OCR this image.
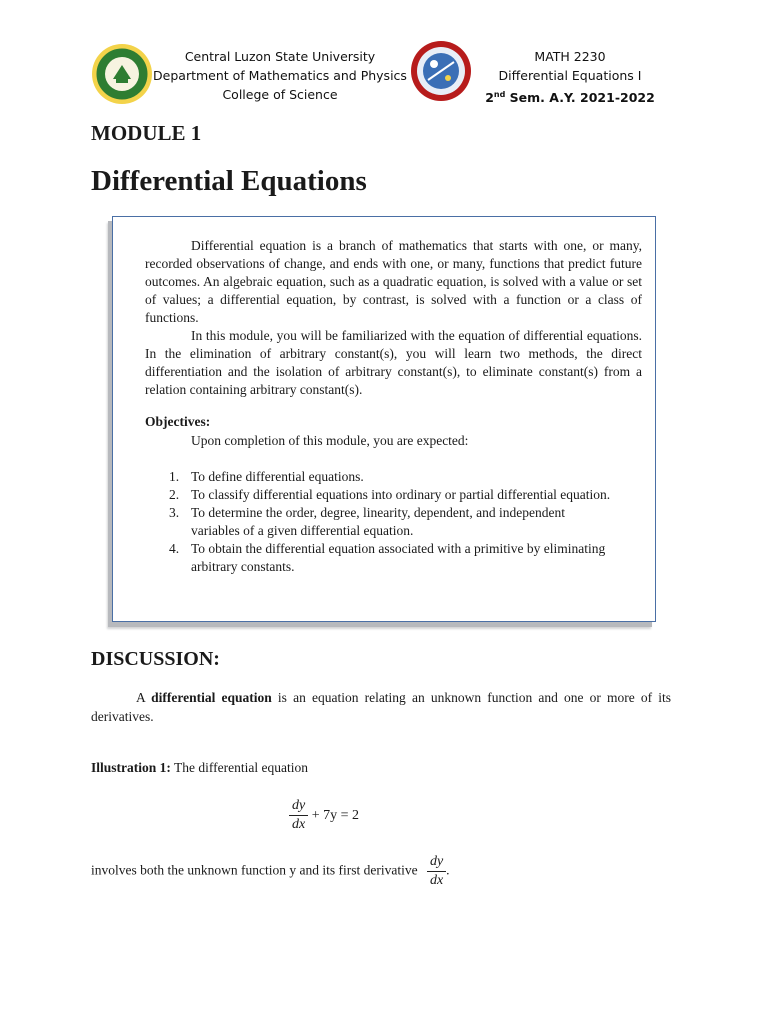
Central Luzon State University
Department of Mathematics and Physics
College of Science
MATH 2230
Differential Equations I
2nd Sem. A.Y. 2021-2022
MODULE 1
Differential Equations

Differential equation is a branch of mathematics that starts with one, or many, recorded observations of change, and ends with one, or many, functions that predict future outcomes. An algebraic equation, such as a quadratic equation, is solved with a value or set of values; a differential equation, by contrast, is solved with a function or a class of functions.

In this module, you will be familiarized with the equation of differential equations. In the elimination of arbitrary constant(s), you will learn two methods, the direct differentiation and the isolation of arbitrary constant(s), to eliminate constant(s) from a relation containing arbitrary constant(s).

Objectives:
Upon completion of this module, you are expected:
1. To define differential equations.
2. To classify differential equations into ordinary or partial differential equation.
3. To determine the order, degree, linearity, dependent, and independent variables of a given differential equation.
4. To obtain the differential equation associated with a primitive by eliminating arbitrary constants.
DISCUSSION:
A differential equation is an equation relating an unknown function and one or more of its derivatives.
Illustration 1: The differential equation
$\frac{dy}{dx} + 7y = 2$
involves both the unknown function y and its first derivative $\frac{dy}{dx}$ .
